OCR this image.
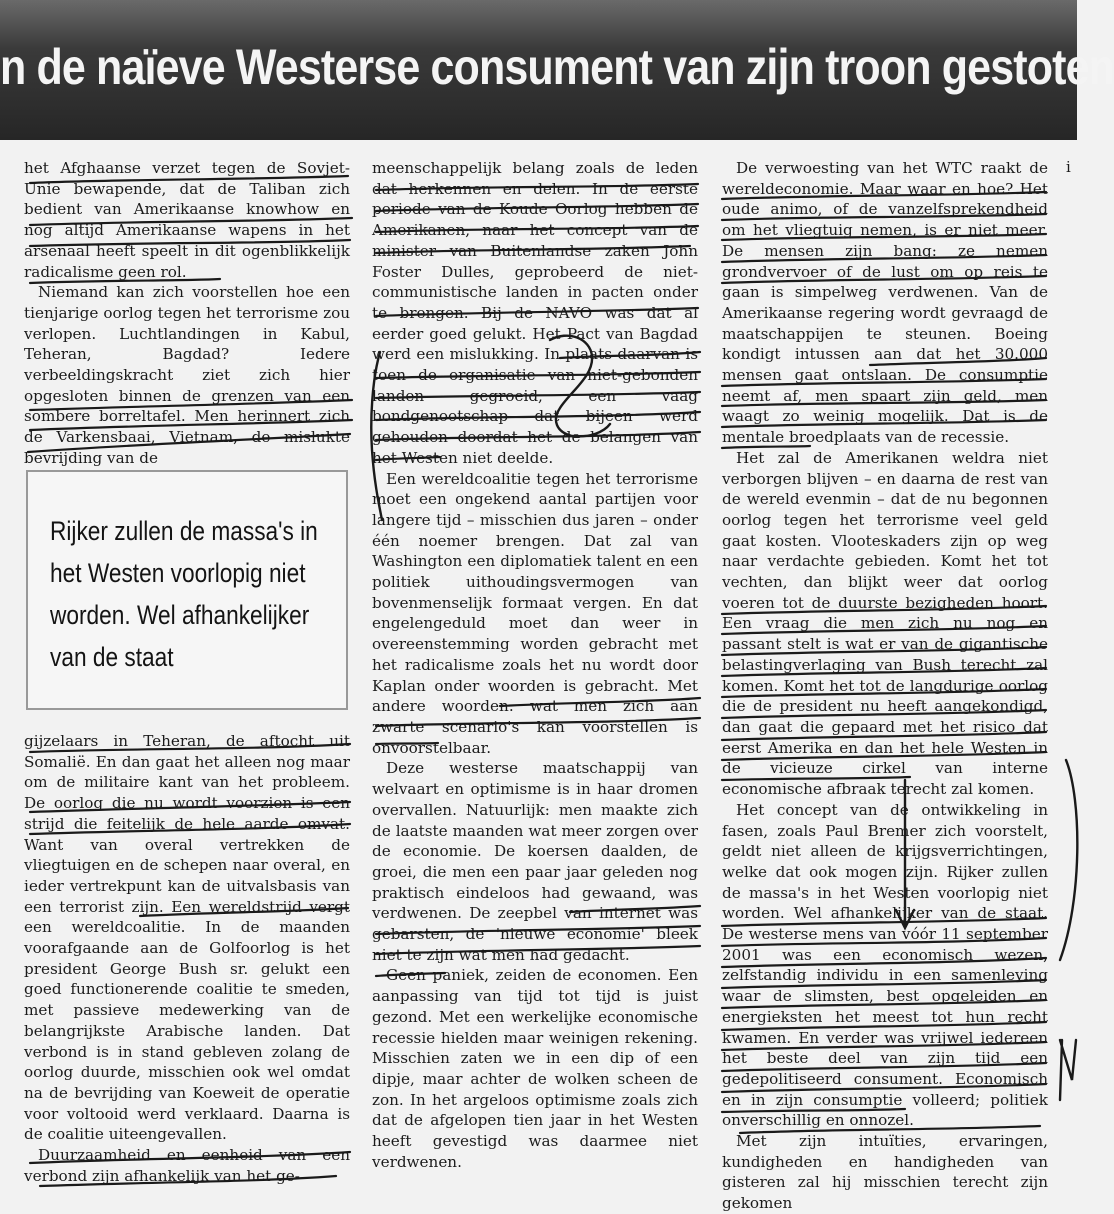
n de naïeve Westerse consument van zijn troon gestoten

het Afghaanse verzet tegen de Sovjet-Unie bewapende, dat de Taliban zich bedient van Amerikaanse knowhow en nog altijd Amerikaanse wapens in het arsenaal heeft speelt in dit ogenblikkelijk radicalisme geen rol.

Niemand kan zich voorstellen hoe een tienjarige oorlog tegen het terrorisme zou verlopen. Luchtlandingen in Kabul, Teheran, Bagdad? Iedere verbeeldingskracht ziet zich hier opgesloten binnen de grenzen van een sombere borreltafel. Men herinnert zich de Varkensbaai, Vietnam, de mislukte bevrijding van de

Rijker zullen de massa's in het Westen voorlopig niet worden. Wel afhankelijker van de staat

gijzelaars in Teheran, de aftocht uit Somalië. En dan gaat het alleen nog maar om de militaire kant van het probleem. De oorlog die nu wordt voorzien is een strijd die feitelijk de hele aarde omvat. Want van overal vertrekken de vliegtuigen en de schepen naar overal, en ieder vertrekpunt kan de uitvalsbasis van een terrorist zijn. Een wereldstrijd vergt een wereldcoalitie. In de maanden voorafgaande aan de Golfoorlog is het president George Bush sr. gelukt een goed functionerende coalitie te smeden, met passieve medewerking van de belangrijkste Arabische landen. Dat verbond is in stand gebleven zolang de oorlog duurde, misschien ook wel omdat na de bevrijding van Koeweit de operatie voor voltooid werd verklaard. Daarna is de coalitie uiteengevallen.

Duurzaamheid en eenheid van een verbond zijn afhankelijk van het ge-

meenschappelijk belang zoals de leden dat herkennen en delen. In de eerste periode van de Koude Oorlog hebben de Amerikanen, naar het concept van de minister van Buitenlandse zaken John Foster Dulles, geprobeerd de niet-communistische landen in pacten onder te brengen. Bij de NAVO was dat al eerder goed gelukt. Het Pact van Bagdad werd een mislukking. In plaats daarvan is toen de organisatie van niet-gebonden landen gegroeid, een vaag bondgenootschap dat bijeen werd gehouden doordat het de belangen van het Westen niet deelde.

Een wereldcoalitie tegen het terrorisme moet een ongekend aantal partijen voor langere tijd – misschien dus jaren – onder één noemer brengen. Dat zal van Washington een diplomatiek talent en een politiek uithoudingsvermogen van bovenmenselijk formaat vergen. En dat engelengeduld moet dan weer in overeenstemming worden gebracht met het radicalisme zoals het nu wordt door Kaplan onder woorden is gebracht. Met andere woorden: wat men zich aan zwarte scenario's kan voorstellen is onvoorstelbaar.

Deze westerse maatschappij van welvaart en optimisme is in haar dromen overvallen. Natuurlijk: men maakte zich de laatste maanden wat meer zorgen over de economie. De koersen daalden, de groei, die men een paar jaar geleden nog praktisch eindeloos had gewaand, was verdwenen. De zeepbel van internet was gebarsten, de 'nieuwe economie' bleek niet te zijn wat men had gedacht.

Geen paniek, zeiden de economen. Een aanpassing van tijd tot tijd is juist gezond. Met een werkelijke economische recessie hielden maar weinigen rekening. Misschien zaten we in een dip of een dipje, maar achter de wolken scheen de zon. In het argeloos optimisme zoals zich dat de afgelopen tien jaar in het Westen heeft gevestigd was daarmee niet verdwenen.

De verwoesting van het WTC raakt de wereldeconomie. Maar waar en hoe? Het oude animo, of de vanzelfsprekendheid om het vliegtuig nemen, is er niet meer. De mensen zijn bang: ze nemen grondvervoer of de lust om op reis te gaan is simpelweg verdwenen. Van de Amerikaanse regering wordt gevraagd de maatschappijen te steunen. Boeing kondigt intussen aan dat het 30.000 mensen gaat ontslaan. De consumptie neemt af, men spaart zijn geld, men waagt zo weinig mogelijk. Dat is de mentale broedplaats van de recessie.

Het zal de Amerikanen weldra niet verborgen blijven – en daarna de rest van de wereld evenmin – dat de nu begonnen oorlog tegen het terrorisme veel geld gaat kosten. Vlooteskaders zijn op weg naar verdachte gebieden. Komt het tot vechten, dan blijkt weer dat oorlog voeren tot de duurste bezigheden hoort. Een vraag die men zich nu nog en passant stelt is wat er van de gigantische belastingverlaging van Bush terecht zal komen. Komt het tot de langdurige oorlog die de president nu heeft aangekondigd, dan gaat die gepaard met het risico dat eerst Amerika en dan het hele Westen in de vicieuze cirkel van interne economische afbraak terecht zal komen.

Het concept van de ontwikkeling in fasen, zoals Paul Bremer zich voorstelt, geldt niet alleen de krijgsverrichtingen, welke dat ook mogen zijn. Rijker zullen de massa's in het Westen voorlopig niet worden. Wel afhankelijker van de staat. De westerse mens van vóór 11 september 2001 was een economisch wezen, zelfstandig individu in een samenleving waar de slimsten, best opgeleiden en energieksten het meest tot hun recht kwamen. En verder was vrijwel iedereen het beste deel van zijn tijd een gedepolitiseerd consument. Economisch en in zijn consumptie volleerd; politiek onverschillig en onnozel.

Met zijn intuïties, ervaringen, kundigheden en handigheden van gisteren zal hij misschien terecht zijn gekomen

i
